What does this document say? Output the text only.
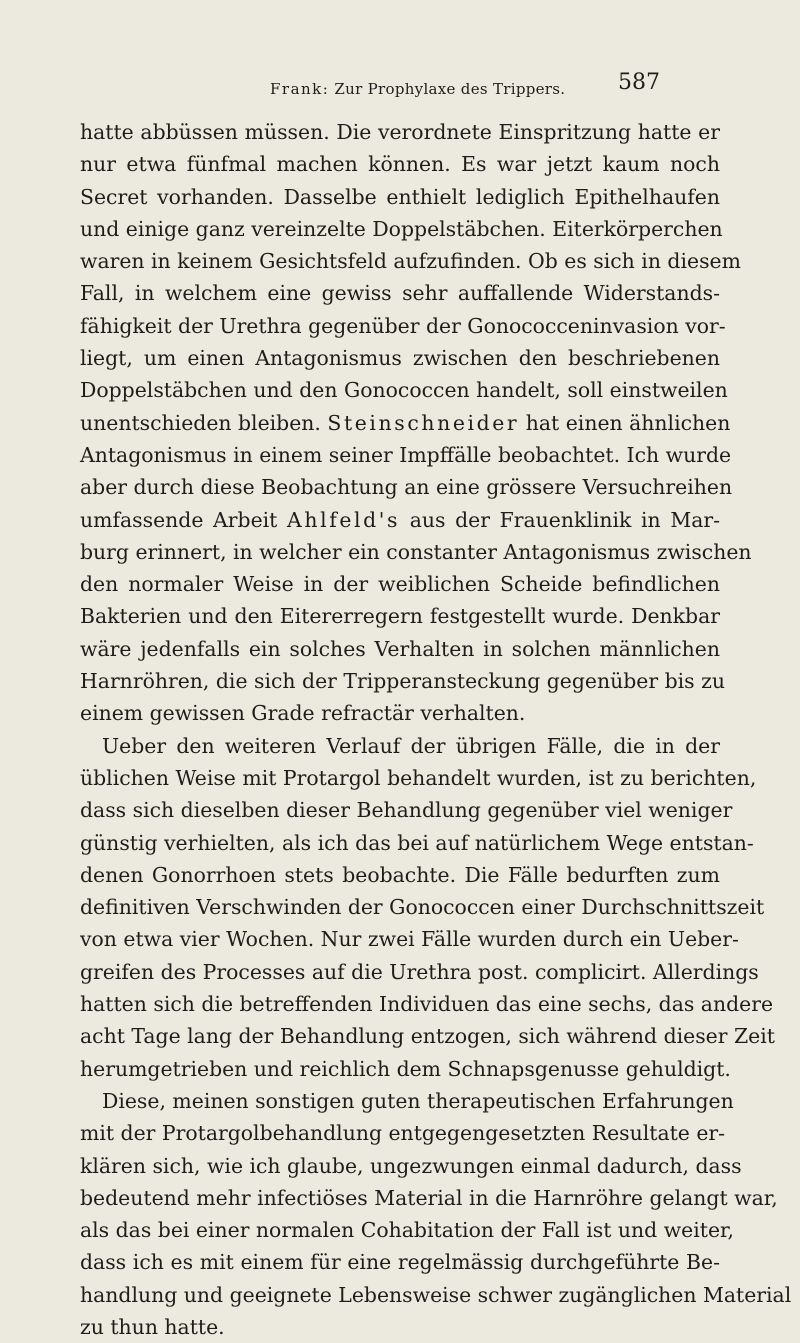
Frank: Zur Prophylaxe des Trippers. 587
hatte abbüssen müssen. Die verordnete Einspritzung hatte er
nur etwa fünfmal machen können. Es war jetzt kaum noch
Secret vorhanden. Dasselbe enthielt lediglich Epithelhaufen
und einige ganz vereinzelte Doppelstäbchen. Eiterkörperchen
waren in keinem Gesichtsfeld aufzufinden. Ob es sich in diesem
Fall, in welchem eine gewiss sehr auffallende Widerstands-
fähigkeit der Urethra gegenüber der Gonococceninvasion vor-
liegt, um einen Antagonismus zwischen den beschriebenen
Doppelstäbchen und den Gonococcen handelt, soll einstweilen
unentschieden bleiben. Steinschneider hat einen ähnlichen
Antagonismus in einem seiner Impffälle beobachtet. Ich wurde
aber durch diese Beobachtung an eine grössere Versuchreihen
umfassende Arbeit Ahlfeld's aus der Frauenklinik in Mar-
burg erinnert, in welcher ein constanter Antagonismus zwischen
den normaler Weise in der weiblichen Scheide befindlichen
Bakterien und den Eitererregern festgestellt wurde. Denkbar
wäre jedenfalls ein solches Verhalten in solchen männlichen
Harnröhren, die sich der Tripperansteckung gegenüber bis zu
einem gewissen Grade refractär verhalten.
Ueber den weiteren Verlauf der übrigen Fälle, die in der
üblichen Weise mit Protargol behandelt wurden, ist zu berichten,
dass sich dieselben dieser Behandlung gegenüber viel weniger
günstig verhielten, als ich das bei auf natürlichem Wege entstan-
denen Gonorrhoen stets beobachte. Die Fälle bedurften zum
definitiven Verschwinden der Gonococcen einer Durchschnittszeit
von etwa vier Wochen. Nur zwei Fälle wurden durch ein Ueber-
greifen des Processes auf die Urethra post. complicirt. Allerdings
hatten sich die betreffenden Individuen das eine sechs, das andere
acht Tage lang der Behandlung entzogen, sich während dieser Zeit
herumgetrieben und reichlich dem Schnapsgenusse gehuldigt.
Diese, meinen sonstigen guten therapeutischen Erfahrungen
mit der Protargolbehandlung entgegengesetzten Resultate er-
klären sich, wie ich glaube, ungezwungen einmal dadurch, dass
bedeutend mehr infectiöses Material in die Harnröhre gelangt war,
als das bei einer normalen Cohabitation der Fall ist und weiter,
dass ich es mit einem für eine regelmässig durchgeführte Be-
handlung und geeignete Lebensweise schwer zugänglichen Material
zu thun hatte.
